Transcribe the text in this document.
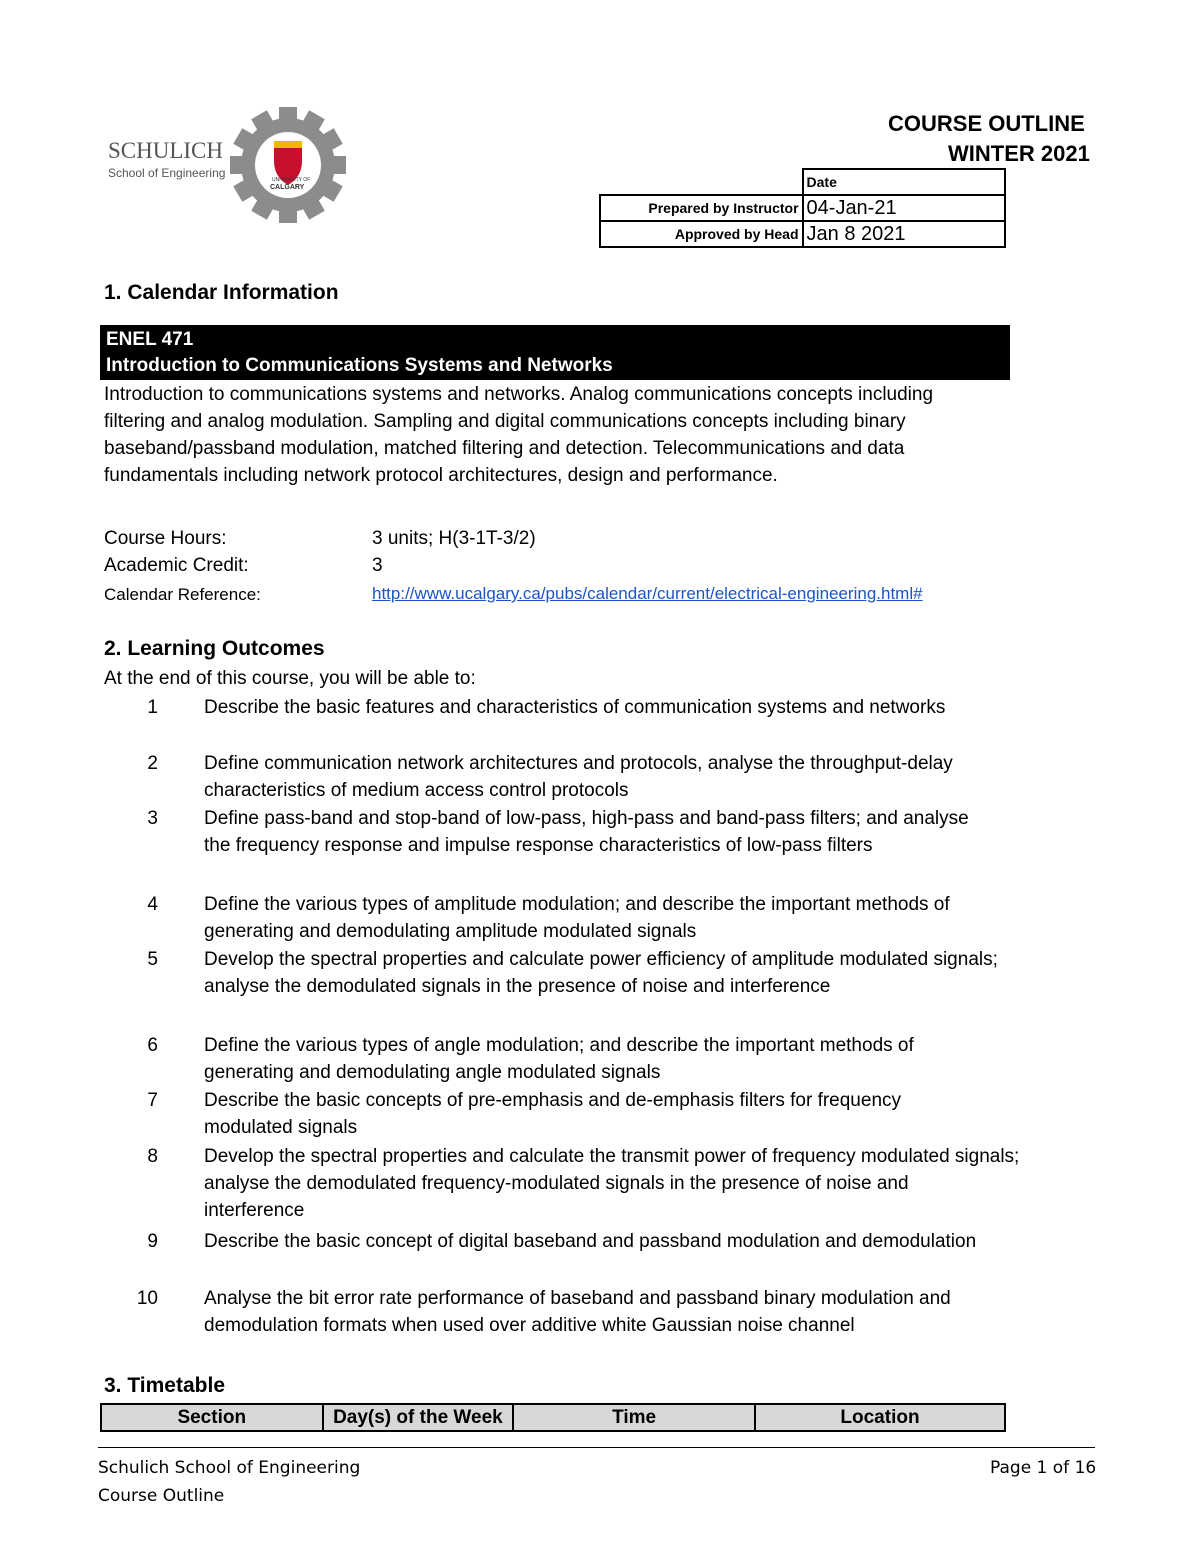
SCHULICH
School of Engineering	UNIVERSITY OF
CALGARY
COURSE OUTLINE
WINTER 2021
	Date
Prepared by Instructor	04-Jan-21
Approved by Head	Jan 8 2021
1. Calendar Information
ENEL 471
Introduction to Communications Systems and Networks
Introduction to communications systems and networks. Analog communications concepts including
filtering and analog modulation. Sampling and digital communications concepts including binary
baseband/passband modulation, matched filtering and detection. Telecommunications and data
fundamentals including network protocol architectures, design and performance.
Course Hours:	3 units; H(3-1T-3/2)
Academic Credit:	3
Calendar Reference:	http://www.ucalgary.ca/pubs/calendar/current/electrical-engineering.html#
2. Learning Outcomes
At the end of this course, you will be able to:
1 Describe the basic features and characteristics of communication systems and networks
2 Define communication network architectures and protocols, analyse the throughput-delay
characteristics of medium access control protocols
3 Define pass-band and stop-band of low-pass, high-pass and band-pass filters; and analyse
the frequency response and impulse response characteristics of low-pass filters
4 Define the various types of amplitude modulation; and describe the important methods of
generating and demodulating amplitude modulated signals
5 Develop the spectral properties and calculate power efficiency of amplitude modulated signals;
analyse the demodulated signals in the presence of noise and interference
6 Define the various types of angle modulation; and describe the important methods of
generating and demodulating angle modulated signals
7 Describe the basic concepts of pre-emphasis and de-emphasis filters for frequency
modulated signals
8 Develop the spectral properties and calculate the transmit power of frequency modulated signals;
analyse the demodulated frequency-modulated signals in the presence of noise and
interference
9 Describe the basic concept of digital baseband and passband modulation and demodulation
10 Analyse the bit error rate performance of baseband and passband binary modulation and
demodulation formats when used over additive white Gaussian noise channel
3. Timetable
Section	Day(s) of the Week	Time	Location
Schulich School of Engineering
Course Outline
Page 1 of 16
